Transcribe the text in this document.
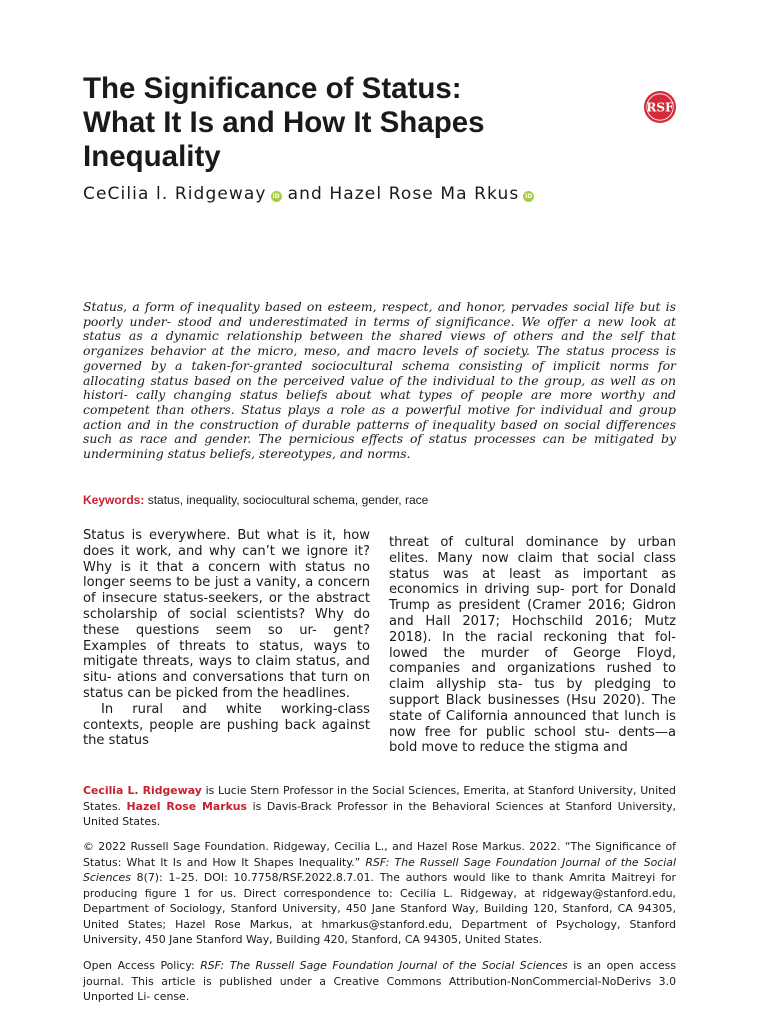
The Significance of Status:
What It Is and How It Shapes
Inequality
RSF
CeCilia l. Ridgeway iD and Hazel Rose Ma Rkus iD
Status, a form of inequality based on esteem, respect, and honor, pervades social life but is poorly under- stood and underestimated in terms of significance. We offer a new look at status as a dynamic relationship between the shared views of others and the self that organizes behavior at the micro, meso, and macro levels of society. The status process is governed by a taken-for-granted sociocultural schema consisting of implicit norms for allocating status based on the perceived value of the individual to the group, as well as on histori- cally changing status beliefs about what types of people are more worthy and competent than others. Status plays a role as a powerful motive for individual and group action and in the construction of durable patterns of inequality based on social differences such as race and gender. The pernicious effects of status processes can be mitigated by undermining status beliefs, stereotypes, and norms.
Keywords: status, inequality, sociocultural schema, gender, race

Status is everywhere. But what is it, how does it work, and why can’t we ignore it? Why is it that a concern with status no longer seems to be just a vanity, a concern of insecure status-seekers, or the abstract scholarship of social scientists? Why do these questions seem so ur- gent? Examples of threats to status, ways to mitigate threats, ways to claim status, and situ- ations and conversations that turn on status can be picked from the headlines.

In rural and white working-class contexts, people are pushing back against the status

threat of cultural dominance by urban elites. Many now claim that social class status was at least as important as economics in driving sup- port for Donald Trump as president (Cramer 2016; Gidron and Hall 2017; Hochschild 2016; Mutz 2018). In the racial reckoning that fol- lowed the murder of George Floyd, companies and organizations rushed to claim allyship sta- tus by pledging to support Black businesses (Hsu 2020). The state of California announced that lunch is now free for public school stu- dents—a bold move to reduce the stigma and

Cecilia L. Ridgeway is Lucie Stern Professor in the Social Sciences, Emerita, at Stanford University, United States. Hazel Rose Markus is Davis-Brack Professor in the Behavioral Sciences at Stanford University, United States.
© 2022 Russell Sage Foundation. Ridgeway, Cecilia L., and Hazel Rose Markus. 2022. “The Significance of Status: What It Is and How It Shapes Inequality.” RSF: The Russell Sage Foundation Journal of the Social Sciences 8(7): 1–25. DOI: 10.7758/RSF.2022.8.7.01. The authors would like to thank Amrita Maitreyi for producing figure 1 for us. Direct correspondence to: Cecilia L. Ridgeway, at ridgeway@stanford.edu, Department of Sociology, Stanford University, 450 Jane Stanford Way, Building 120, Stanford, CA 94305, United States; Hazel Rose Markus, at hmarkus@stanford.edu, Department of Psychology, Stanford University, 450 Jane Stanford Way, Building 420, Stanford, CA 94305, United States.
Open Access Policy: RSF: The Russell Sage Foundation Journal of the Social Sciences is an open access journal. This article is published under a Creative Commons Attribution-NonCommercial-NoDerivs 3.0 Unported Li- cense.
